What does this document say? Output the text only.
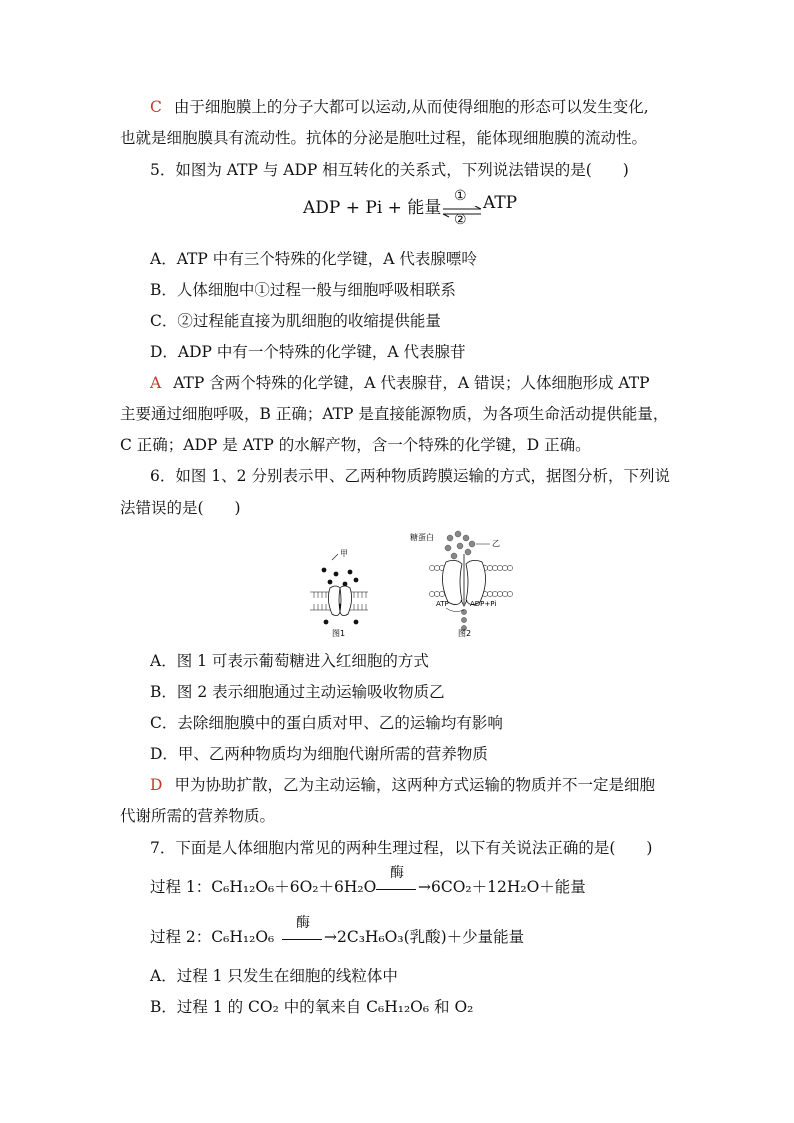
C 由于细胞膜上的分子大都可以运动,从而使得细胞的形态可以发生变化,
也就是细胞膜具有流动性。抗体的分泌是胞吐过程，能体现细胞膜的流动性。
5．如图为 ATP 与 ADP 相互转化的关系式，下列说法错误的是(　　)
ADP + Pi + 能量
①
②
ATP
A．ATP 中有三个特殊的化学键，A 代表腺嘌呤
B．人体细胞中①过程一般与细胞呼吸相联系
C．②过程能直接为肌细胞的收缩提供能量
D．ADP 中有一个特殊的化学键，A 代表腺苷
A ATP 含两个特殊的化学键，A 代表腺苷，A 错误；人体细胞形成 ATP
主要通过细胞呼吸，B 正确；ATP 是直接能源物质，为各项生命活动提供能量，
C 正确；ADP 是 ATP 的水解产物，含一个特殊的化学键，D 正确。
6．如图 1、2 分别表示甲、乙两种物质跨膜运输的方式，据图分析，下列说
法错误的是(　　)
甲
图1
糖蛋白
乙
ATP	ADP+Pi
图2
A．图 1 可表示葡萄糖进入红细胞的方式
B．图 2 表示细胞通过主动运输吸收物质乙
C．去除细胞膜中的蛋白质对甲、乙的运输均有影响
D．甲、乙两种物质均为细胞代谢所需的营养物质
D 甲为协助扩散，乙为主动运输，这两种方式运输的物质并不一定是细胞
代谢所需的营养物质。
7．下面是人体细胞内常见的两种生理过程，以下有关说法正确的是(　　)
过程 1：C₆H₁₂O₆＋6O₂＋6H₂O
酶
→6CO₂＋12H₂O＋能量
过程 2：C₆H₁₂O₆
酶
→2C₃H₆O₃(乳酸)＋少量能量
A．过程 1 只发生在细胞的线粒体中
B．过程 1 的 CO₂ 中的氧来自 C₆H₁₂O₆ 和 O₂
